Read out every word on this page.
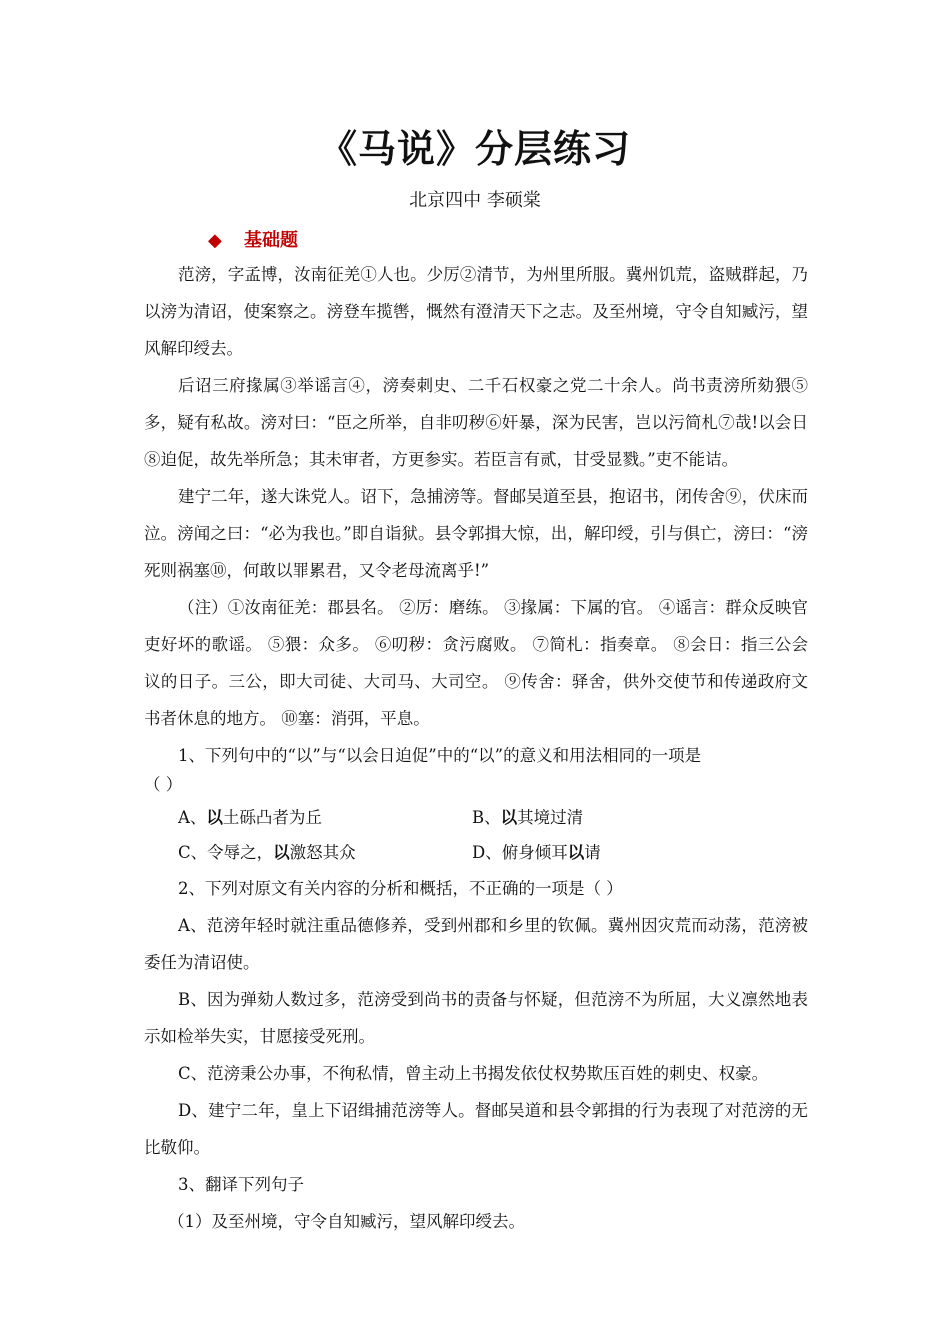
《马说》分层练习
北京四中 李硕棠
◆ 基础题

范滂，字孟博，汝南征羌①人也。少厉②清节，为州里所服。冀州饥荒，盗贼群起，乃以滂为清诏，使案察之。滂登车揽辔，慨然有澄清天下之志。及至州境，守令自知臧污，望风解印绶去。

后诏三府掾属③举谣言④，滂奏刺史、二千石权豪之党二十余人。尚书责滂所劾猥⑤多，疑有私故。滂对曰：“臣之所举，自非叨秽⑥奸暴，深为民害，岂以污简札⑦哉!以会日⑧迫促，故先举所急；其未审者，方更参实。若臣言有贰，甘受显戮。”吏不能诘。

建宁二年，遂大诛党人。诏下，急捕滂等。督邮吴道至县，抱诏书，闭传舍⑨，伏床而泣。滂闻之曰：“必为我也。”即自诣狱。县令郭揖大惊，出，解印绶，引与俱亡，滂曰：“滂死则祸塞⑩，何敢以罪累君，又令老母流离乎!”

（注）①汝南征羌：郡县名。 ②厉：磨练。 ③掾属：下属的官。 ④谣言：群众反映官吏好坏的歌谣。 ⑤猥：众多。 ⑥叨秽：贪污腐败。 ⑦简札：指奏章。 ⑧会日：指三公会议的日子。三公，即大司徒、大司马、大司空。 ⑨传舍：驿舍，供外交使节和传递政府文书者休息的地方。 ⑩塞：消弭，平息。

1、下列句中的“以”与“以会日迫促”中的“以”的意义和用法相同的一项是

（ ）
A、以土砾凸者为丘	B、以其境过清
C、令辱之，以激怒其众	D、俯身倾耳以请

2、下列对原文有关内容的分析和概括，不正确的一项是（ ）

A、范滂年轻时就注重品德修养，受到州郡和乡里的钦佩。冀州因灾荒而动荡，范滂被委任为清诏使。

B、因为弹劾人数过多，范滂受到尚书的责备与怀疑，但范滂不为所屈，大义凛然地表示如检举失实，甘愿接受死刑。

C、范滂秉公办事，不徇私情，曾主动上书揭发依仗权势欺压百姓的刺史、权豪。

D、建宁二年，皇上下诏缉捕范滂等人。督邮吴道和县令郭揖的行为表现了对范滂的无比敬仰。

3、翻译下列句子

（1）及至州境，守令自知臧污，望风解印绶去。
